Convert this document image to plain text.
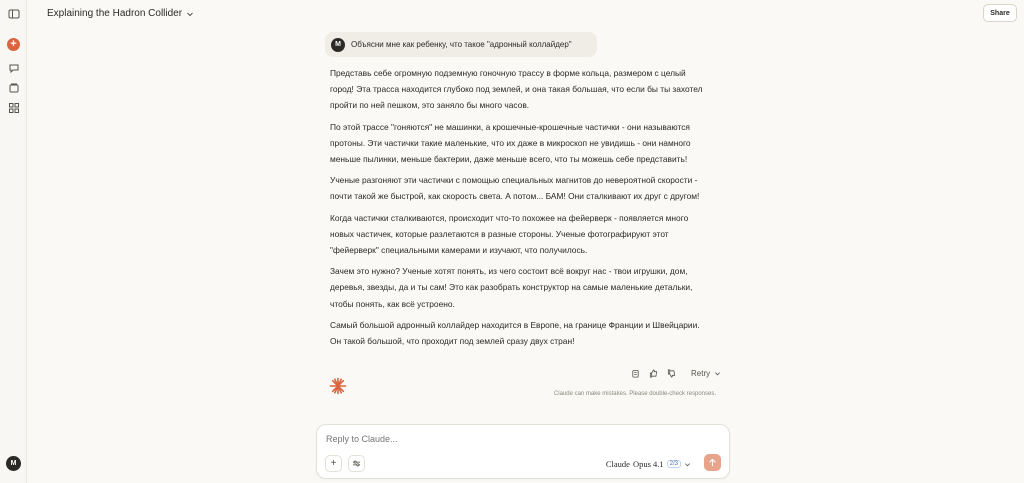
+
M
Explaining the Hadron Collider	Share
M	Объясни мне как ребенку, что такое "адронный коллайдер"

Представь себе огромную подземную гоночную трассу в форме кольца, размером с целый город! Эта трасса находится глубоко под землей, и она такая большая, что если бы ты захотел пройти по ней пешком, это заняло бы много часов.

По этой трассе "гоняются" не машинки, а крошечные-крошечные частички - они называются протоны. Эти частички такие маленькие, что их даже в микроскоп не увидишь - они намного меньше пылинки, меньше бактерии, даже меньше всего, что ты можешь себе представить!

Ученые разгоняют эти частички с помощью специальных магнитов до невероятной скорости - почти такой же быстрой, как скорость света. А потом... БАМ! Они сталкивают их друг с другом!

Когда частички сталкиваются, происходит что-то похожее на фейерверк - появляется много новых частичек, которые разлетаются в разные стороны. Ученые фотографируют этот "фейерверк" специальными камерами и изучают, что получилось.

Зачем это нужно? Ученые хотят понять, из чего состоит всё вокруг нас - твои игрушки, дом, деревья, звезды, да и ты сам! Это как разобрать конструктор на самые маленькие детальки, чтобы понять, как всё устроено.

Самый большой адронный коллайдер находится в Европе, на границе Франции и Швейцарии. Он такой большой, что проходит под землей сразу двух стран!

Retry
Claude can make mistakes. Please double-check responses.
Reply to Claude...
+	Claude Opus 4.1	2/3
